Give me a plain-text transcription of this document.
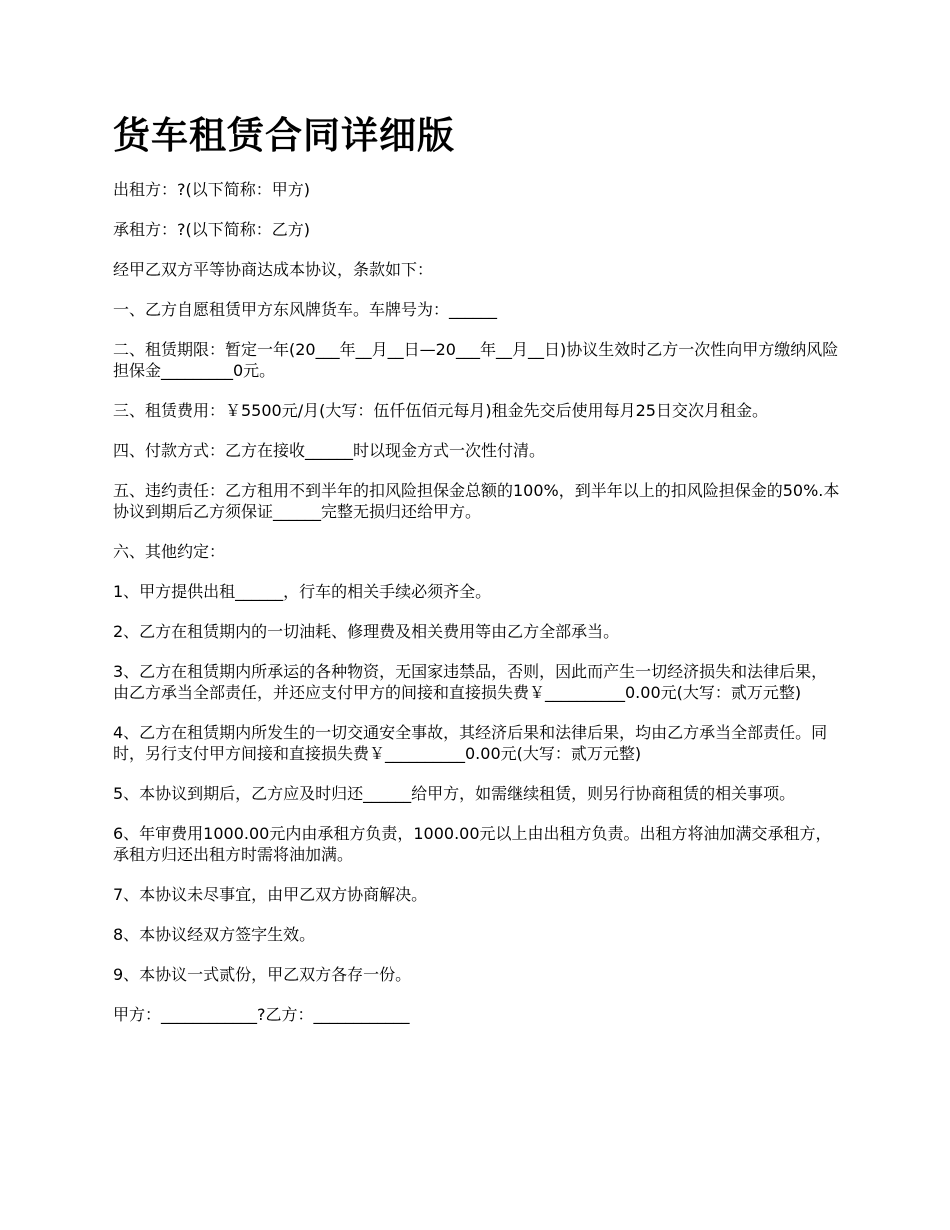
货车租赁合同详细版

出租方：?(以下简称：甲方)

承租方：?(以下简称：乙方)

经甲乙双方平等协商达成本协议，条款如下：

一、乙方自愿租赁甲方东风牌货车。车牌号为：______

二、租赁期限：暂定一年(20___年__月__日—20___年__月__日)协议生效时乙方一次性向甲方缴纳风险担保金_________0元。

三、租赁费用：￥5500元/月(大写：伍仟伍佰元每月)租金先交后使用每月25日交次月租金。

四、付款方式：乙方在接收______时以现金方式一次性付清。

五、违约责任：乙方租用不到半年的扣风险担保金总额的100%，到半年以上的扣风险担保金的50%.本协议到期后乙方须保证______完整无损归还给甲方。

六、其他约定：

1、甲方提供出租______，行车的相关手续必须齐全。

2、乙方在租赁期内的一切油耗、修理费及相关费用等由乙方全部承当。

3、乙方在租赁期内所承运的各种物资，无国家违禁品，否则，因此而产生一切经济损失和法律后果，由乙方承当全部责任，并还应支付甲方的间接和直接损失费￥__________0.00元(大写：贰万元整)

4、乙方在租赁期内所发生的一切交通安全事故，其经济后果和法律后果，均由乙方承当全部责任。同时，另行支付甲方间接和直接损失费￥__________0.00元(大写：贰万元整)

5、本协议到期后，乙方应及时归还______给甲方，如需继续租赁，则另行协商租赁的相关事项。

6、年审费用1000.00元内由承租方负责，1000.00元以上由出租方负责。出租方将油加满交承租方，承租方归还出租方时需将油加满。

7、本协议未尽事宜，由甲乙双方协商解决。

8、本协议经双方签字生效。

9、本协议一式贰份，甲乙双方各存一份。

甲方：____________?乙方：____________
